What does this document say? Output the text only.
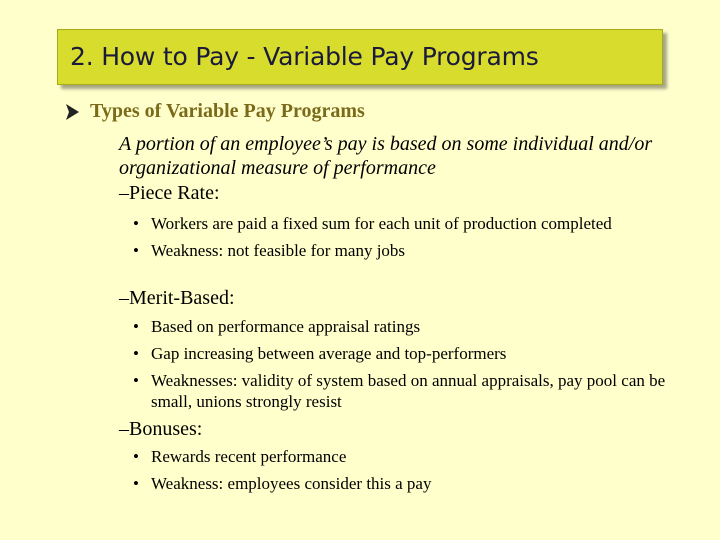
2. How to Pay - Variable Pay Programs
Types of Variable Pay Programs
A portion of an employee’s pay is based on some individual and/or organizational measure of performance
–Piece Rate:
• Workers are paid a fixed sum for each unit of production completed
• Weakness: not feasible for many jobs
–Merit-Based:
• Based on performance appraisal ratings
• Gap increasing between average and top-performers
• Weaknesses: validity of system based on annual appraisals, pay pool can be small, unions strongly resist
–Bonuses:
• Rewards recent performance
• Weakness: employees consider this a pay
